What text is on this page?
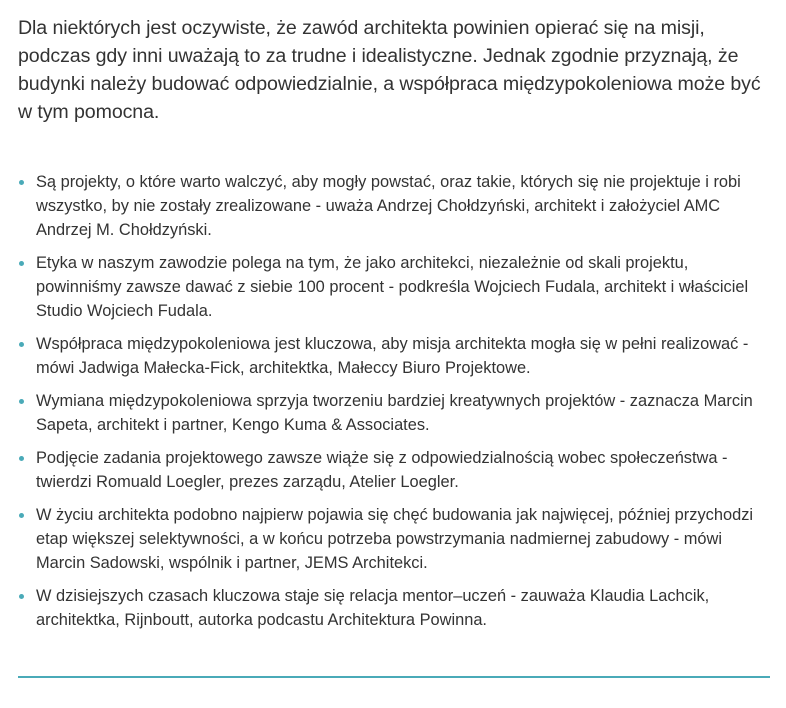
Dla niektórych jest oczywiste, że zawód architekta powinien opierać się na misji, podczas gdy inni uważają to za trudne i idealistyczne. Jednak zgodnie przyznają, że budynki należy budować odpowiedzialnie, a współpraca międzypokoleniowa może być w tym pomocna.

Są projekty, o które warto walczyć, aby mogły powstać, oraz takie, których się nie projektuje i robi wszystko, by nie zostały zrealizowane - uważa Andrzej Chołdzyński, architekt i założyciel AMC Andrzej M. Chołdzyński.
Etyka w naszym zawodzie polega na tym, że jako architekci, niezależnie od skali projektu, powinniśmy zawsze dawać z siebie 100 procent - podkreśla Wojciech Fudala, architekt i właściciel Studio Wojciech Fudala.
Współpraca międzypokoleniowa jest kluczowa, aby misja architekta mogła się w pełni realizować - mówi Jadwiga Małecka-Fick, architektka, Małeccy Biuro Projektowe.
Wymiana międzypokoleniowa sprzyja tworzeniu bardziej kreatywnych projektów - zaznacza Marcin Sapeta, architekt i partner, Kengo Kuma & Associates.
Podjęcie zadania projektowego zawsze wiąże się z odpowiedzialnością wobec społeczeństwa - twierdzi Romuald Loegler, prezes zarządu, Atelier Loegler.
W życiu architekta podobno najpierw pojawia się chęć budowania jak najwięcej, później przychodzi etap większej selektywności, a w końcu potrzeba powstrzymania nadmiernej zabudowy - mówi Marcin Sadowski, wspólnik i partner, JEMS Architekci.
W dzisiejszych czasach kluczowa staje się relacja mentor–uczeń - zauważa Klaudia Lachcik, architektka, Rijnboutt, autorka podcastu Architektura Powinna.
